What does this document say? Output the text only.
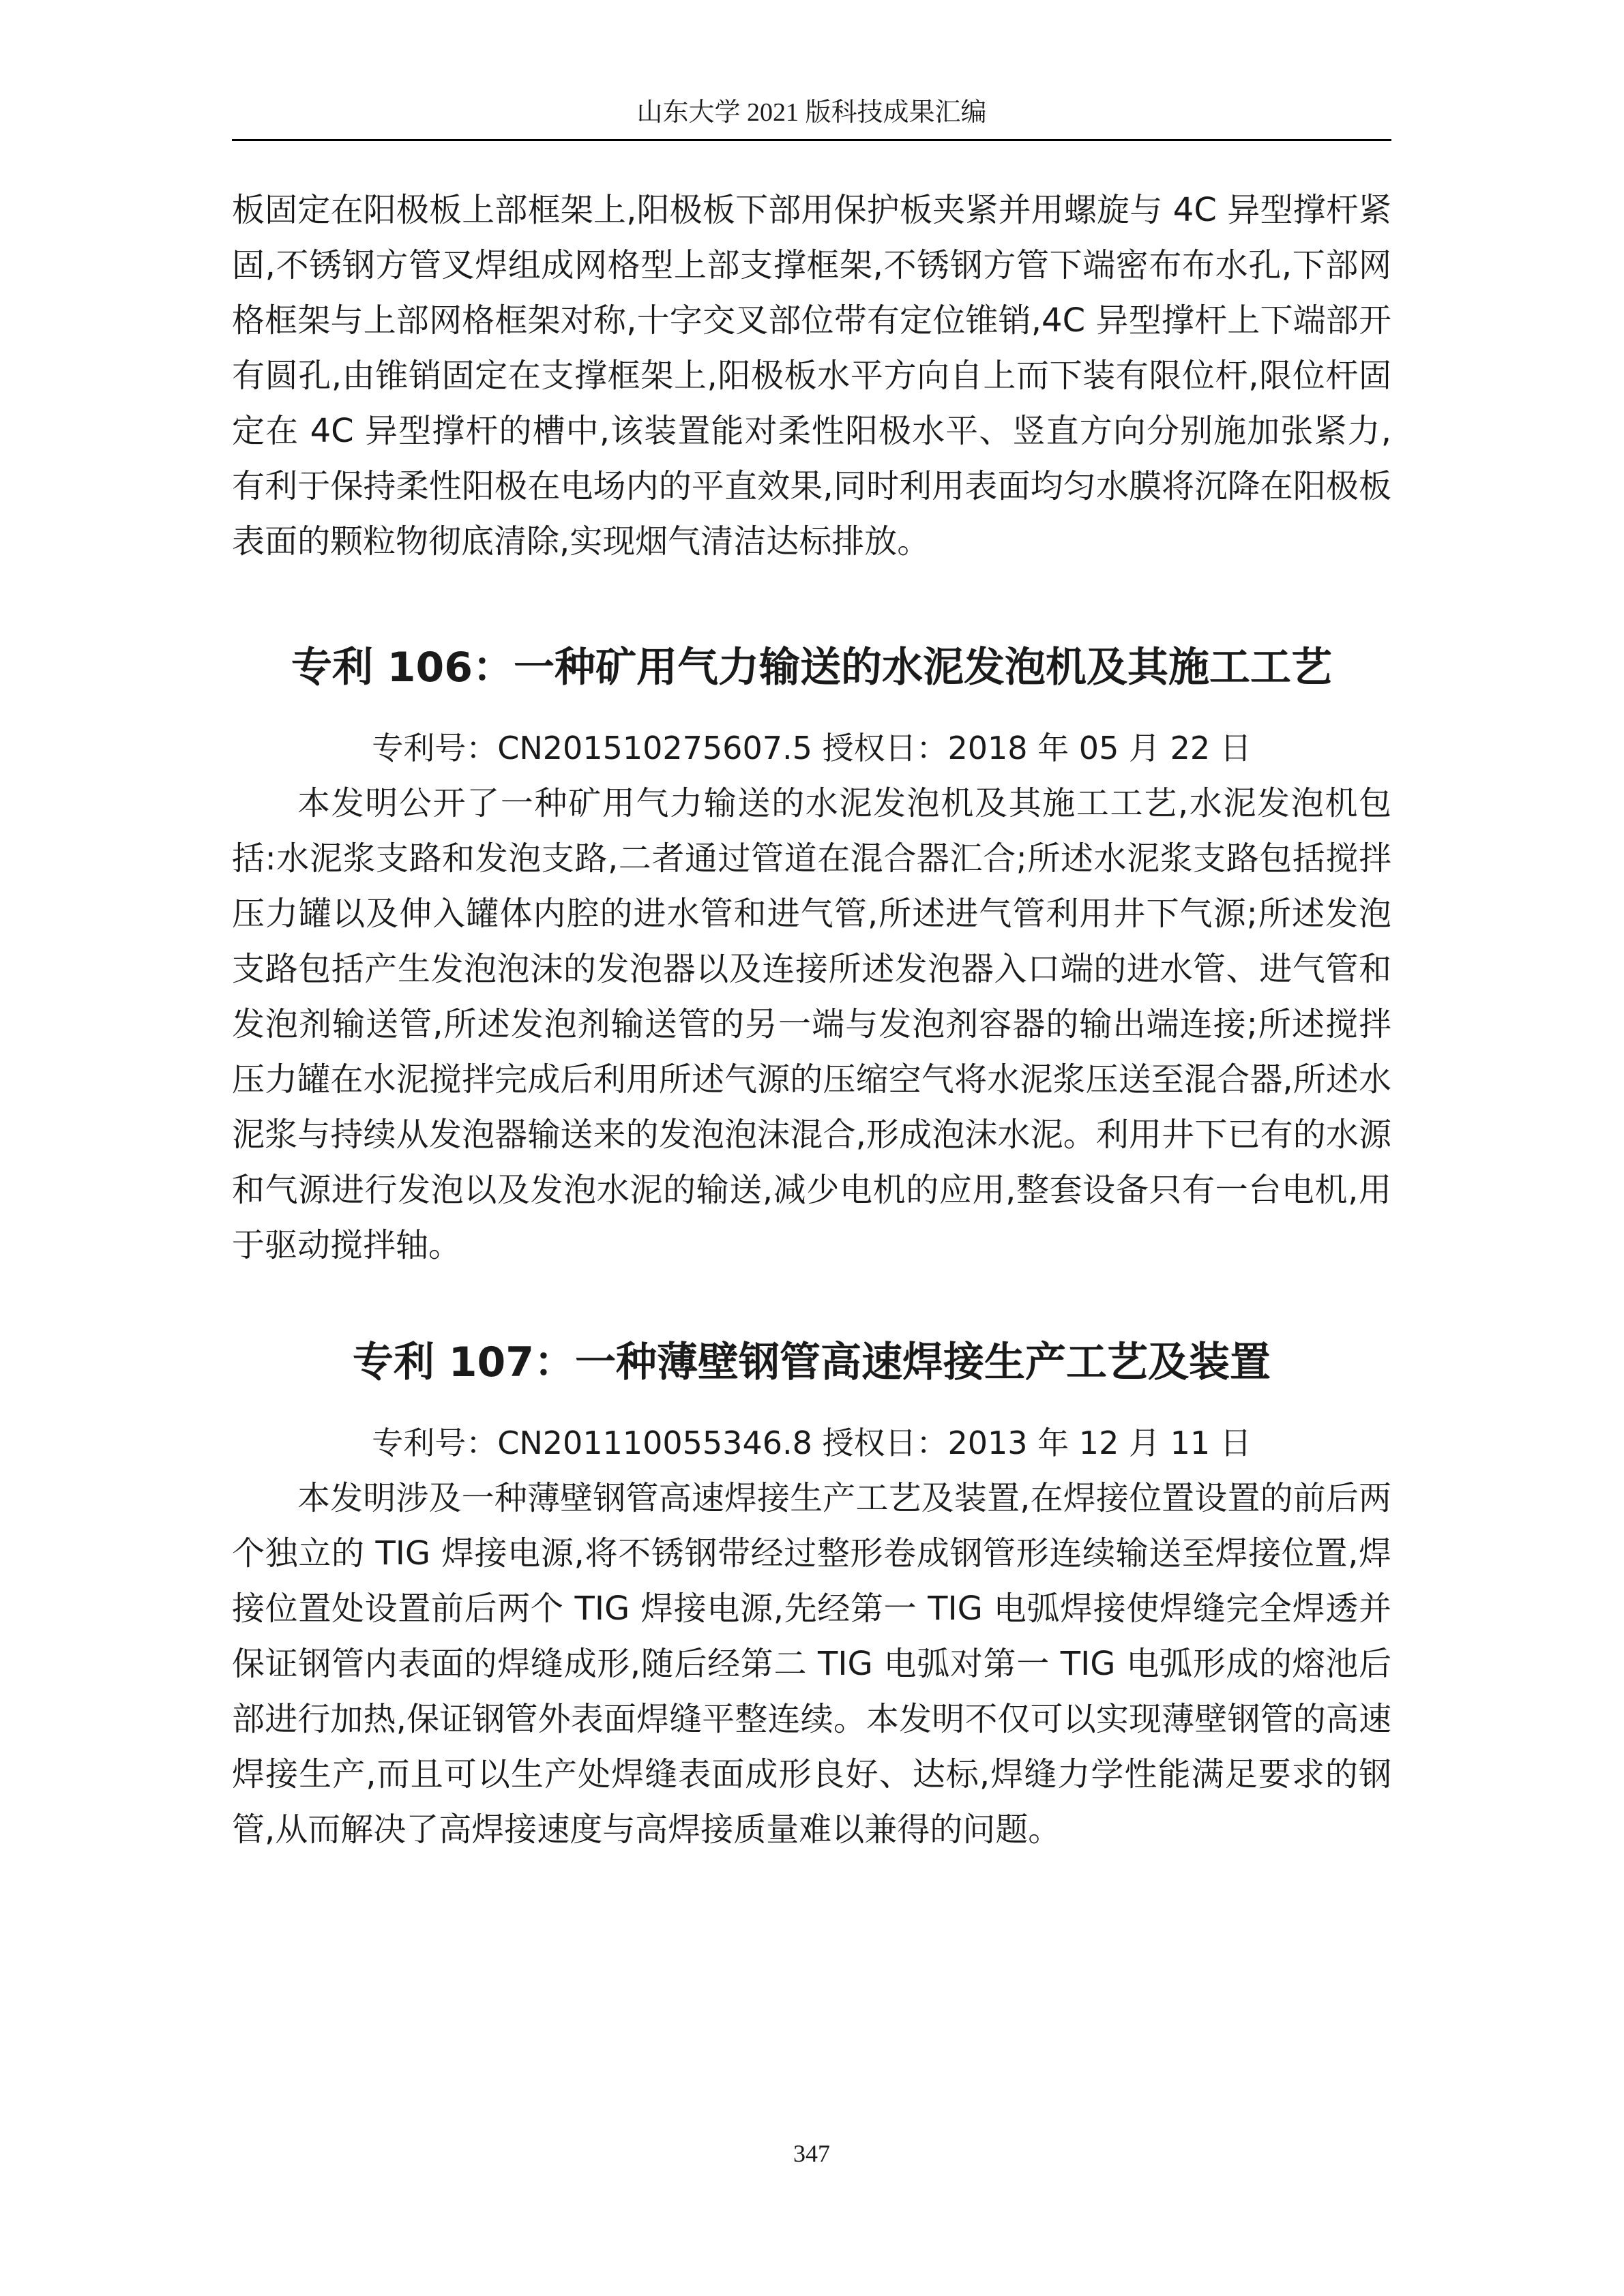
山东大学 2021 版科技成果汇编

板固定在阳极板上部框架上,阳极板下部用保护板夹紧并用螺旋与 4C 异型撑杆紧固,不锈钢方管叉焊组成网格型上部支撑框架,不锈钢方管下端密布布水孔,下部网格框架与上部网格框架对称,十字交叉部位带有定位锥销,4C 异型撑杆上下端部开有圆孔,由锥销固定在支撑框架上,阳极板水平方向自上而下装有限位杆,限位杆固定在 4C 异型撑杆的槽中,该装置能对柔性阳极水平、竖直方向分别施加张紧力,有利于保持柔性阳极在电场内的平直效果,同时利用表面均匀水膜将沉降在阳极板表面的颗粒物彻底清除,实现烟气清洁达标排放。

专利 106：一种矿用气力输送的水泥发泡机及其施工工艺

专利号：CN201510275607.5 授权日：2018 年 05 月 22 日

本发明公开了一种矿用气力输送的水泥发泡机及其施工工艺,水泥发泡机包括:水泥浆支路和发泡支路,二者通过管道在混合器汇合;所述水泥浆支路包括搅拌压力罐以及伸入罐体内腔的进水管和进气管,所述进气管利用井下气源;所述发泡支路包括产生发泡泡沫的发泡器以及连接所述发泡器入口端的进水管、进气管和发泡剂输送管,所述发泡剂输送管的另一端与发泡剂容器的输出端连接;所述搅拌压力罐在水泥搅拌完成后利用所述气源的压缩空气将水泥浆压送至混合器,所述水泥浆与持续从发泡器输送来的发泡泡沫混合,形成泡沫水泥。利用井下已有的水源和气源进行发泡以及发泡水泥的输送,减少电机的应用,整套设备只有一台电机,用于驱动搅拌轴。

专利 107：一种薄壁钢管高速焊接生产工艺及装置

专利号：CN201110055346.8 授权日：2013 年 12 月 11 日

本发明涉及一种薄壁钢管高速焊接生产工艺及装置,在焊接位置设置的前后两个独立的 TIG 焊接电源,将不锈钢带经过整形卷成钢管形连续输送至焊接位置,焊接位置处设置前后两个 TIG 焊接电源,先经第一 TIG 电弧焊接使焊缝完全焊透并保证钢管内表面的焊缝成形,随后经第二 TIG 电弧对第一 TIG 电弧形成的熔池后部进行加热,保证钢管外表面焊缝平整连续。本发明不仅可以实现薄壁钢管的高速焊接生产,而且可以生产处焊缝表面成形良好、达标,焊缝力学性能满足要求的钢管,从而解决了高焊接速度与高焊接质量难以兼得的问题。

347
